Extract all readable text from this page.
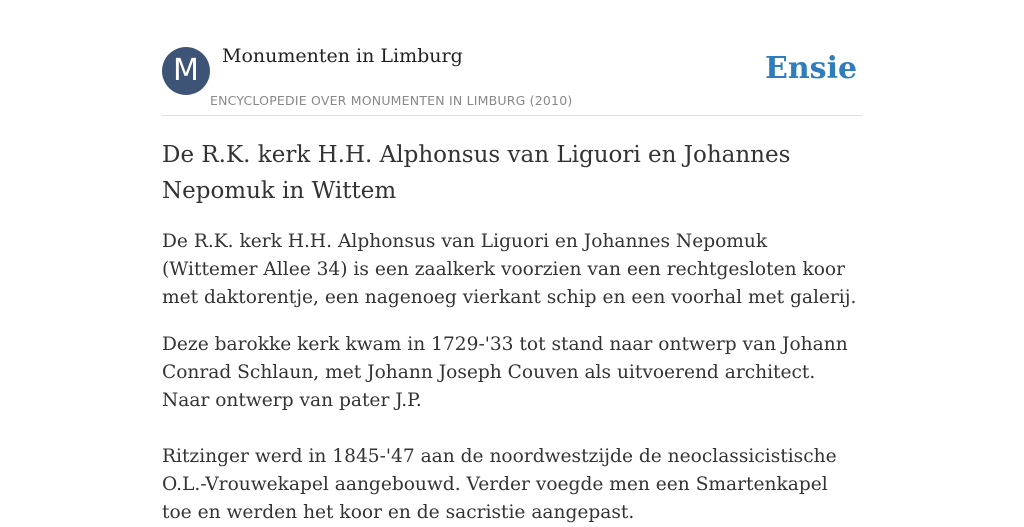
M	Monumenten in Limburg
ENCYCLOPEDIE OVER MONUMENTEN IN LIMBURG (2010)
Ensie
De R.K. kerk H.H. Alphonsus van Liguori en Johannes Nepomuk in Wittem

De R.K. kerk H.H. Alphonsus van Liguori en Johannes Nepomuk (Wittemer Allee 34) is een zaalkerk voorzien van een rechtgesloten koor met daktorentje, een nagenoeg vierkant schip en een voorhal met galerij.

Deze barokke kerk kwam in 1729-'33 tot stand naar ontwerp van Johann Conrad Schlaun, met Johann Joseph Couven als uitvoerend architect. Naar ontwerp van pater J.P.

Ritzinger werd in 1845-'47 aan de noordwestzijde de neoclassicistische O.L.-Vrouwekapel aangebouwd. Verder voegde men een Smartenkapel toe en werden het koor en de sacristie aangepast.
